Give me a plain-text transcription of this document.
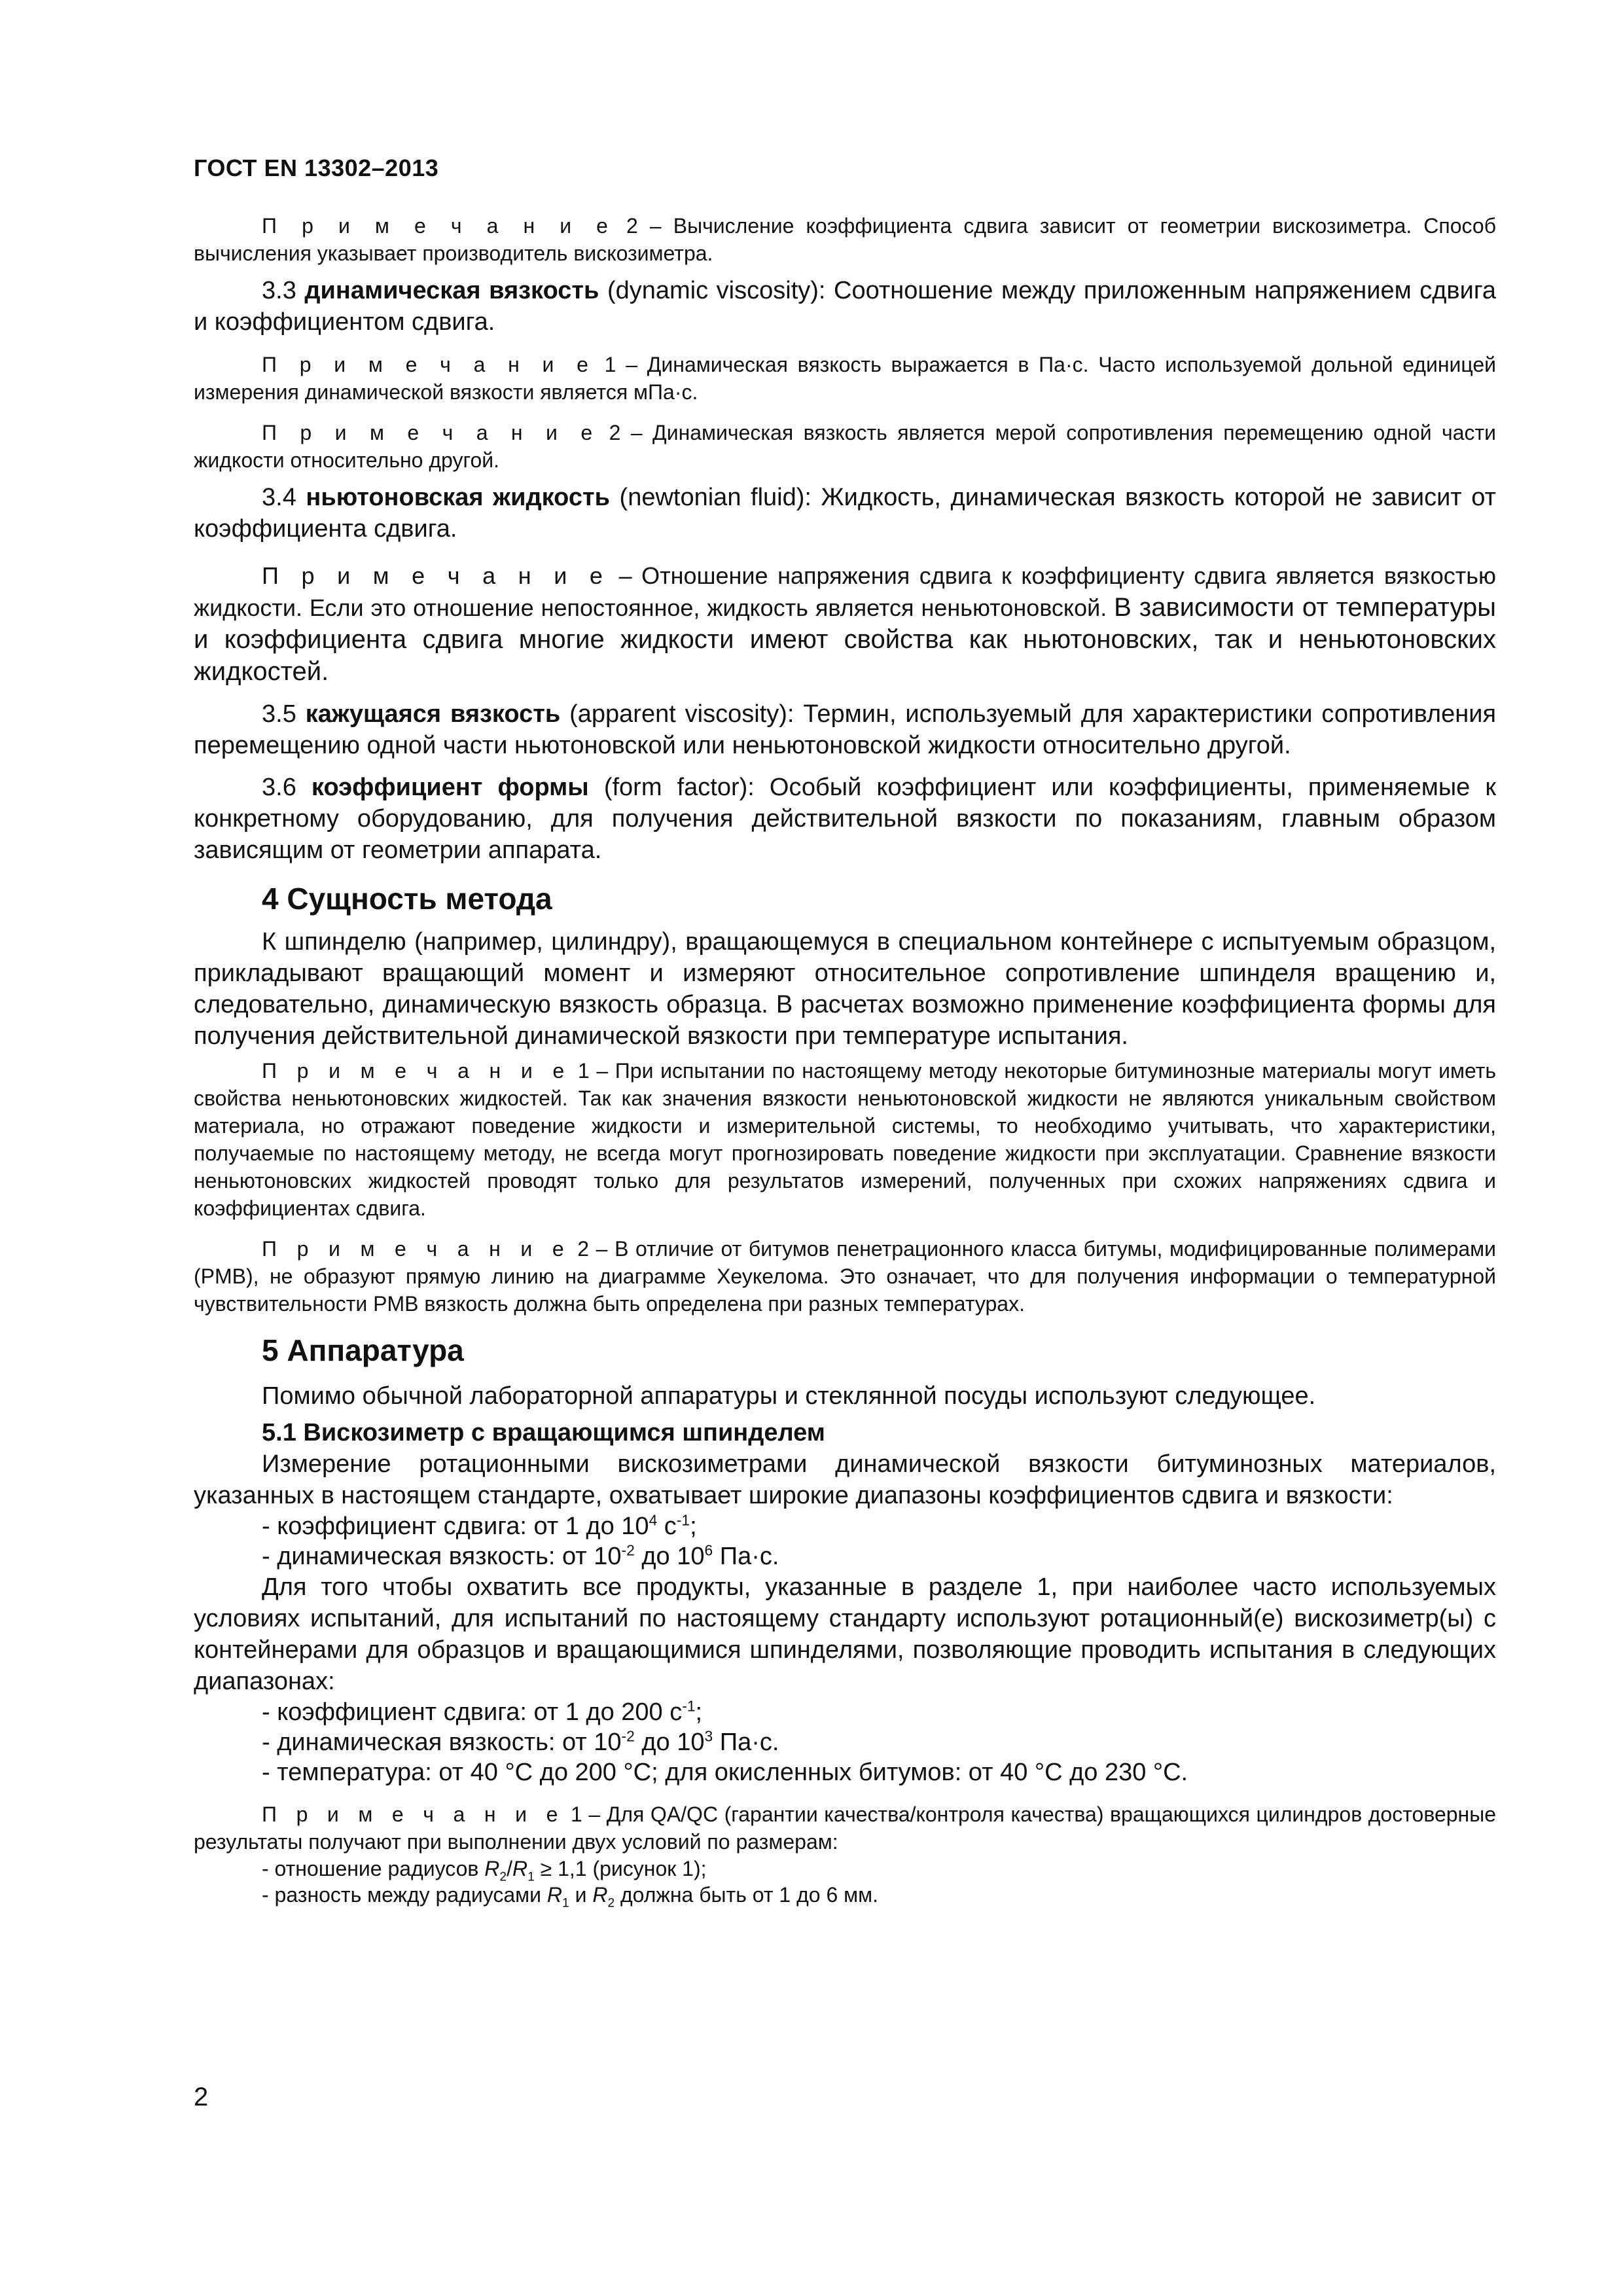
ГОСТ EN 13302–2013

П р и м е ч а н и е 2 – Вычисление коэффициента сдвига зависит от геометрии вискозиметра. Способ вычисления указывает производитель вискозиметра.

3.3 динамическая вязкость (dynamic viscosity): Соотношение между приложенным напряжением сдвига и коэффициентом сдвига.

П р и м е ч а н и е 1 – Динамическая вязкость выражается в Па·с. Часто используемой дольной единицей измерения динамической вязкости является мПа·с.

П р и м е ч а н и е 2 – Динамическая вязкость является мерой сопротивления перемещению одной части жидкости относительно другой.

3.4 ньютоновская жидкость (newtonian fluid): Жидкость, динамическая вязкость которой не зависит от коэффициента сдвига.

П р и м е ч а н и е – Отношение напряжения сдвига к коэффициенту сдвига является вязкостью жидкости. Если это отношение непостоянное, жидкость является неньютоновской. В зависимости от температуры и коэффициента сдвига многие жидкости имеют свойства как ньютоновских, так и неньютоновских жидкостей.

3.5 кажущаяся вязкость (apparent viscosity): Термин, используемый для характеристики сопротивления перемещению одной части ньютоновской или неньютоновской жидкости относительно другой.

3.6 коэффициент формы (form factor): Особый коэффициент или коэффициенты, применяемые к конкретному оборудованию, для получения действительной вязкости по показаниям, главным образом зависящим от геометрии аппарата.

4 Сущность метода

К шпинделю (например, цилиндру), вращающемуся в специальном контейнере с испытуемым образцом, прикладывают вращающий момент и измеряют относительное сопротивление шпинделя вращению и, следовательно, динамическую вязкость образца. В расчетах возможно применение коэффициента формы для получения действительной динамической вязкости при температуре испытания.

П р и м е ч а н и е 1 – При испытании по настоящему методу некоторые битуминозные материалы могут иметь свойства неньютоновских жидкостей. Так как значения вязкости неньютоновской жидкости не являются уникальным свойством материала, но отражают поведение жидкости и измерительной системы, то необходимо учитывать, что характеристики, получаемые по настоящему методу, не всегда могут прогнозировать поведение жидкости при эксплуатации. Сравнение вязкости неньютоновских жидкостей проводят только для результатов измерений, полученных при схожих напряжениях сдвига и коэффициентах сдвига.

П р и м е ч а н и е 2 – В отличие от битумов пенетрационного класса битумы, модифицированные полимерами (PMB), не образуют прямую линию на диаграмме Хеукелома. Это означает, что для получения информации о температурной чувствительности PMB вязкость должна быть определена при разных температурах.

5 Аппаратура

Помимо обычной лабораторной аппаратуры и стеклянной посуды используют следующее.

5.1 Вискозиметр с вращающимся шпинделем

Измерение ротационными вискозиметрами динамической вязкости битуминозных материалов, указанных в настоящем стандарте, охватывает широкие диапазоны коэффициентов сдвига и вязкости:

- коэффициент сдвига: от 1 до $10^4$ $с^{-1}$;
- динамическая вязкость: от $10^{-2}$ до $10^6$ Па·с.

Для того чтобы охватить все продукты, указанные в разделе 1, при наиболее часто используемых условиях испытаний, для испытаний по настоящему стандарту используют ротационный(е) вискозиметр(ы) с контейнерами для образцов и вращающимися шпинделями, позволяющие проводить испытания в следующих диапазонах:

- коэффициент сдвига: от 1 до 200 $с^{-1}$;
- динамическая вязкость: от $10^{-2}$ до $10^3$ Па·с.
- температура: от 40 °С до 200 °С; для окисленных битумов: от 40 °С до 230 °С.

П р и м е ч а н и е 1 – Для QA/QC (гарантии качества/контроля качества) вращающихся цилиндров достоверные результаты получают при выполнении двух условий по размерам:

- отношение радиусов $R_2/R_1 \ge 1,1$ (рисунок 1);
- разность между радиусами $R_1$ и $R_2$ должна быть от 1 до 6 мм.
2
